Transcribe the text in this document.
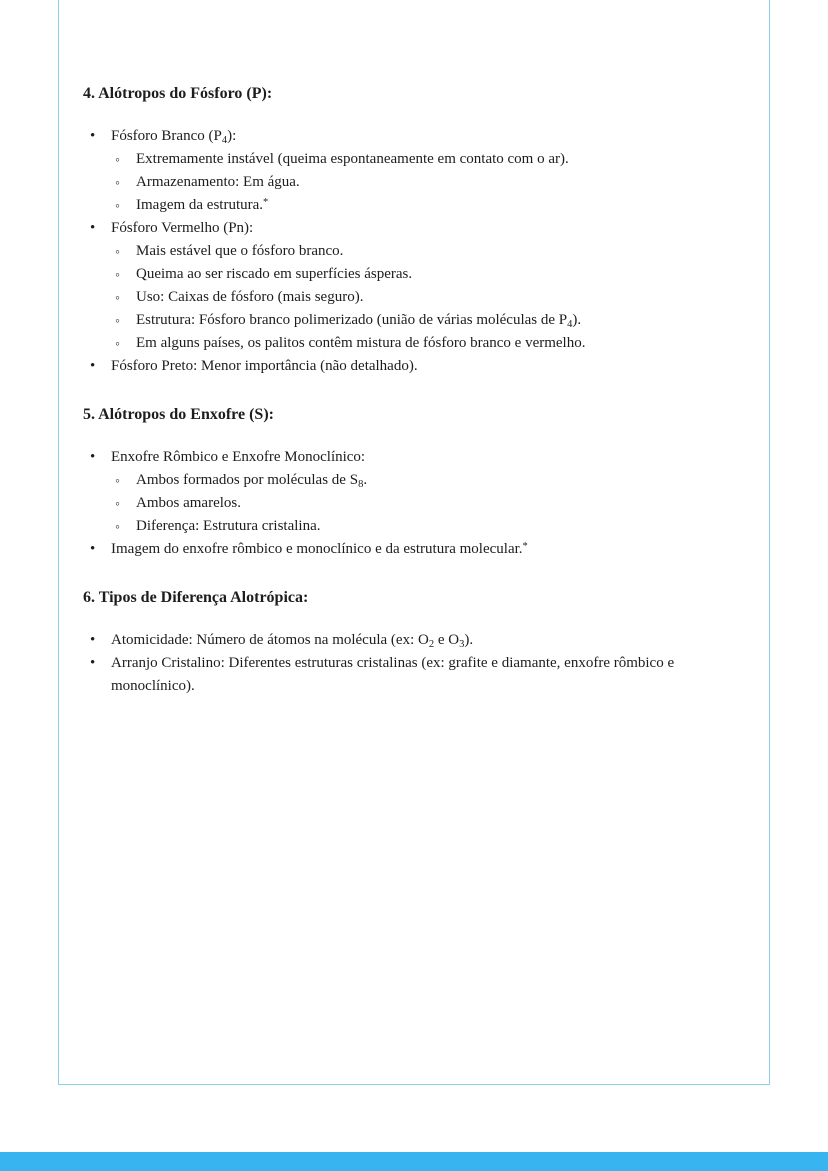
4. Alótropos do Fósforo (P):
• Fósforo Branco $(P_4)$:
◦ Extremamente instável (queima espontaneamente em contato com o ar).
◦ Armazenamento: Em água.
◦ Imagem da estrutura.*
• Fósforo Vermelho (Pn):
◦ Mais estável que o fósforo branco.
◦ Queima ao ser riscado em superfícies ásperas.
◦ Uso: Caixas de fósforo (mais seguro).
◦ Estrutura: Fósforo branco polimerizado (união de várias moléculas de $P_4$).
◦ Em alguns países, os palitos contêm mistura de fósforo branco e vermelho.
• Fósforo Preto: Menor importância (não detalhado).
5. Alótropos do Enxofre (S):
• Enxofre Rômbico e Enxofre Monoclínico:
◦ Ambos formados por moléculas de $S_8$.
◦ Ambos amarelos.
◦ Diferença: Estrutura cristalina.
• Imagem do enxofre rômbico e monoclínico e da estrutura molecular.*
6. Tipos de Diferença Alotrópica:
• Atomicidade: Número de átomos na molécula (ex: $O_2$ e $O_3$).
• Arranjo Cristalino: Diferentes estruturas cristalinas (ex: grafite e diamante, enxofre rômbico e monoclínico).
